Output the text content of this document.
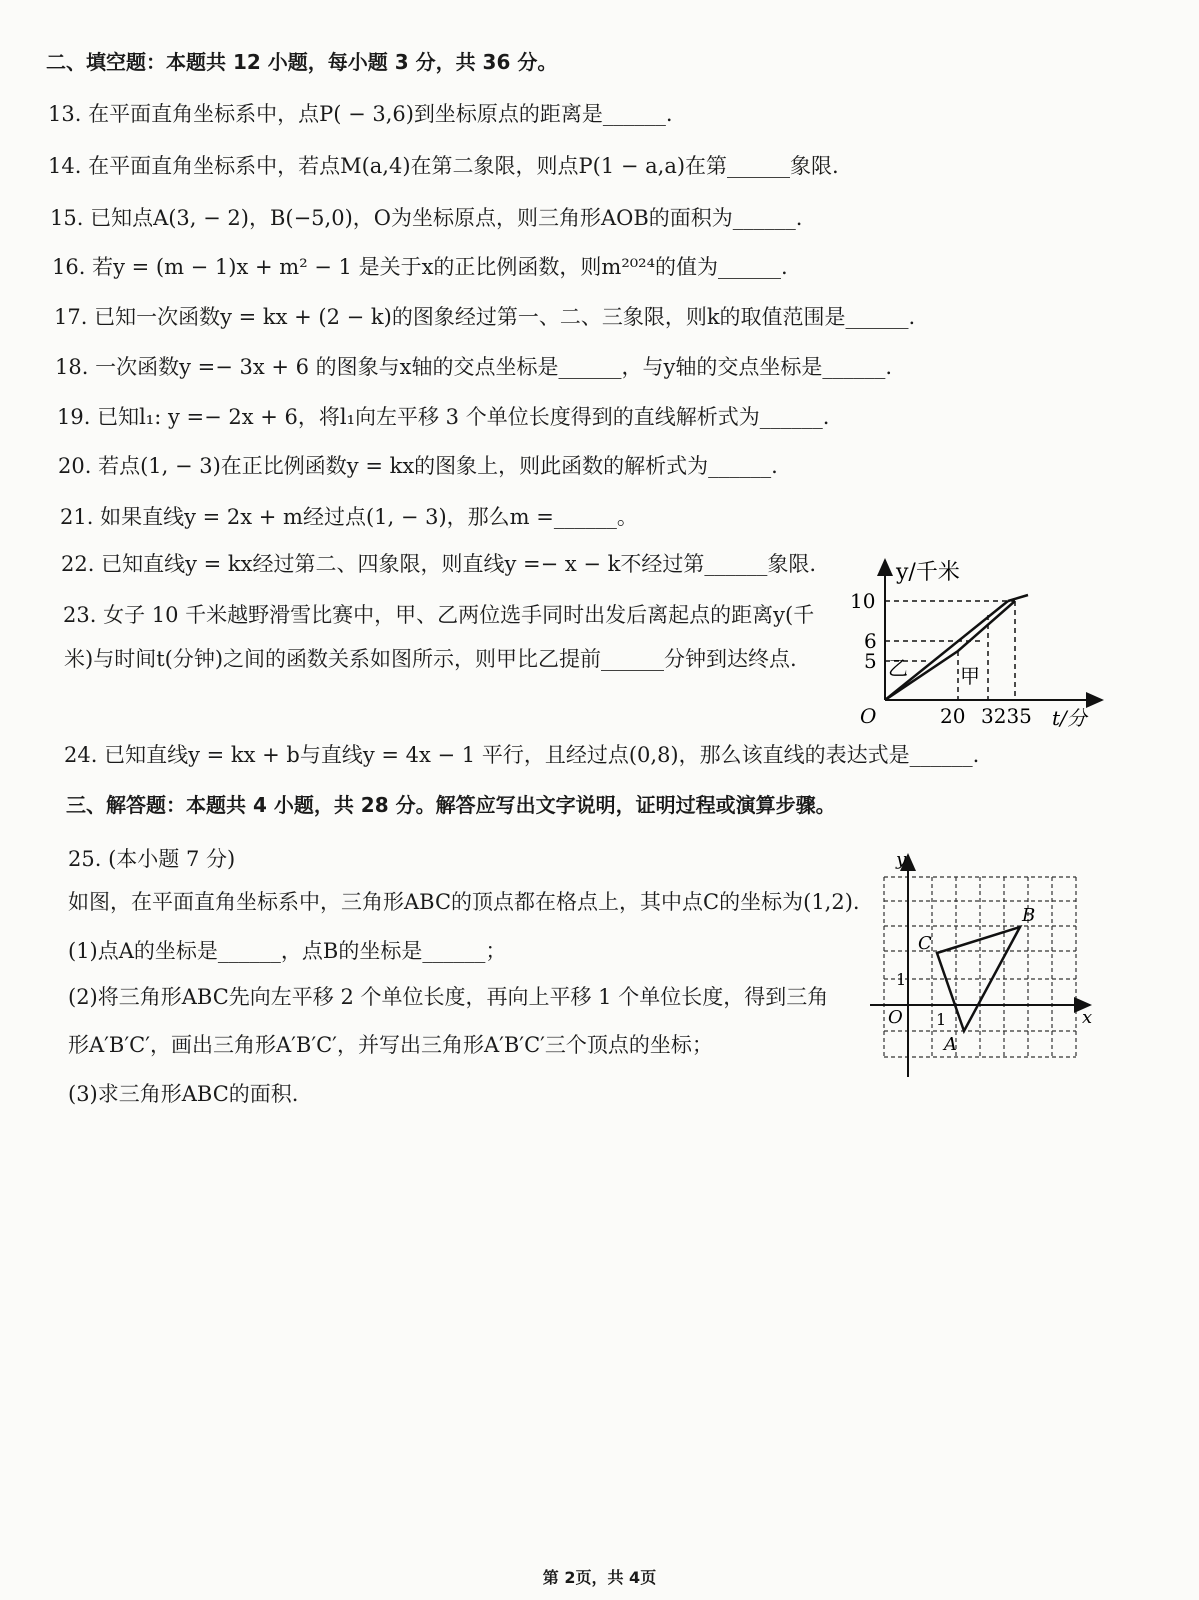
二、填空题：本题共 12 小题，每小题 3 分，共 36 分。
13. 在平面直角坐标系中，点P( − 3,6)到坐标原点的距离是______.
14. 在平面直角坐标系中，若点M(a,4)在第二象限，则点P(1 − a,a)在第______象限.
15. 已知点A(3, − 2)，B(−5,0)，O为坐标原点，则三角形AOB的面积为______.
16. 若y = (m − 1)x + m² − 1 是关于x的正比例函数，则m²⁰²⁴的值为______.
17. 已知一次函数y = kx + (2 − k)的图象经过第一、二、三象限，则k的取值范围是______.
18. 一次函数y =− 3x + 6 的图象与x轴的交点坐标是______，与y轴的交点坐标是______.
19. 已知l₁: y =− 2x + 6，将l₁向左平移 3 个单位长度得到的直线解析式为______.
20. 若点(1, − 3)在正比例函数y = kx的图象上，则此函数的解析式为______.
21. 如果直线y = 2x + m经过点(1, − 3)，那么m =______。
22. 已知直线y = kx经过第二、四象限，则直线y =− x − k不经过第______象限.
23. 女子 10 千米越野滑雪比赛中，甲、乙两位选手同时出发后离起点的距离y(千
米)与时间t(分钟)之间的函数关系如图所示，则甲比乙提前______分钟到达终点.
24. 已知直线y = kx + b与直线y = 4x − 1 平行，且经过点(0,8)，那么该直线的表达式是______.
三、解答题：本题共 4 小题，共 28 分。解答应写出文字说明，证明过程或演算步骤。
25. (本小题 7 分)
如图，在平面直角坐标系中，三角形ABC的顶点都在格点上，其中点C的坐标为(1,2).
(1)点A的坐标是______，点B的坐标是______；
(2)将三角形ABC先向左平移 2 个单位长度，再向上平移 1 个单位长度，得到三角
形A′B′C′，画出三角形A′B′C′，并写出三角形A′B′C′三个顶点的坐标；
(3)求三角形ABC的面积.
y/千米
t/分
O
10
6
5
20 3235
乙	甲
y
x
O 1
1
A
B
C
第 2页，共 4页
